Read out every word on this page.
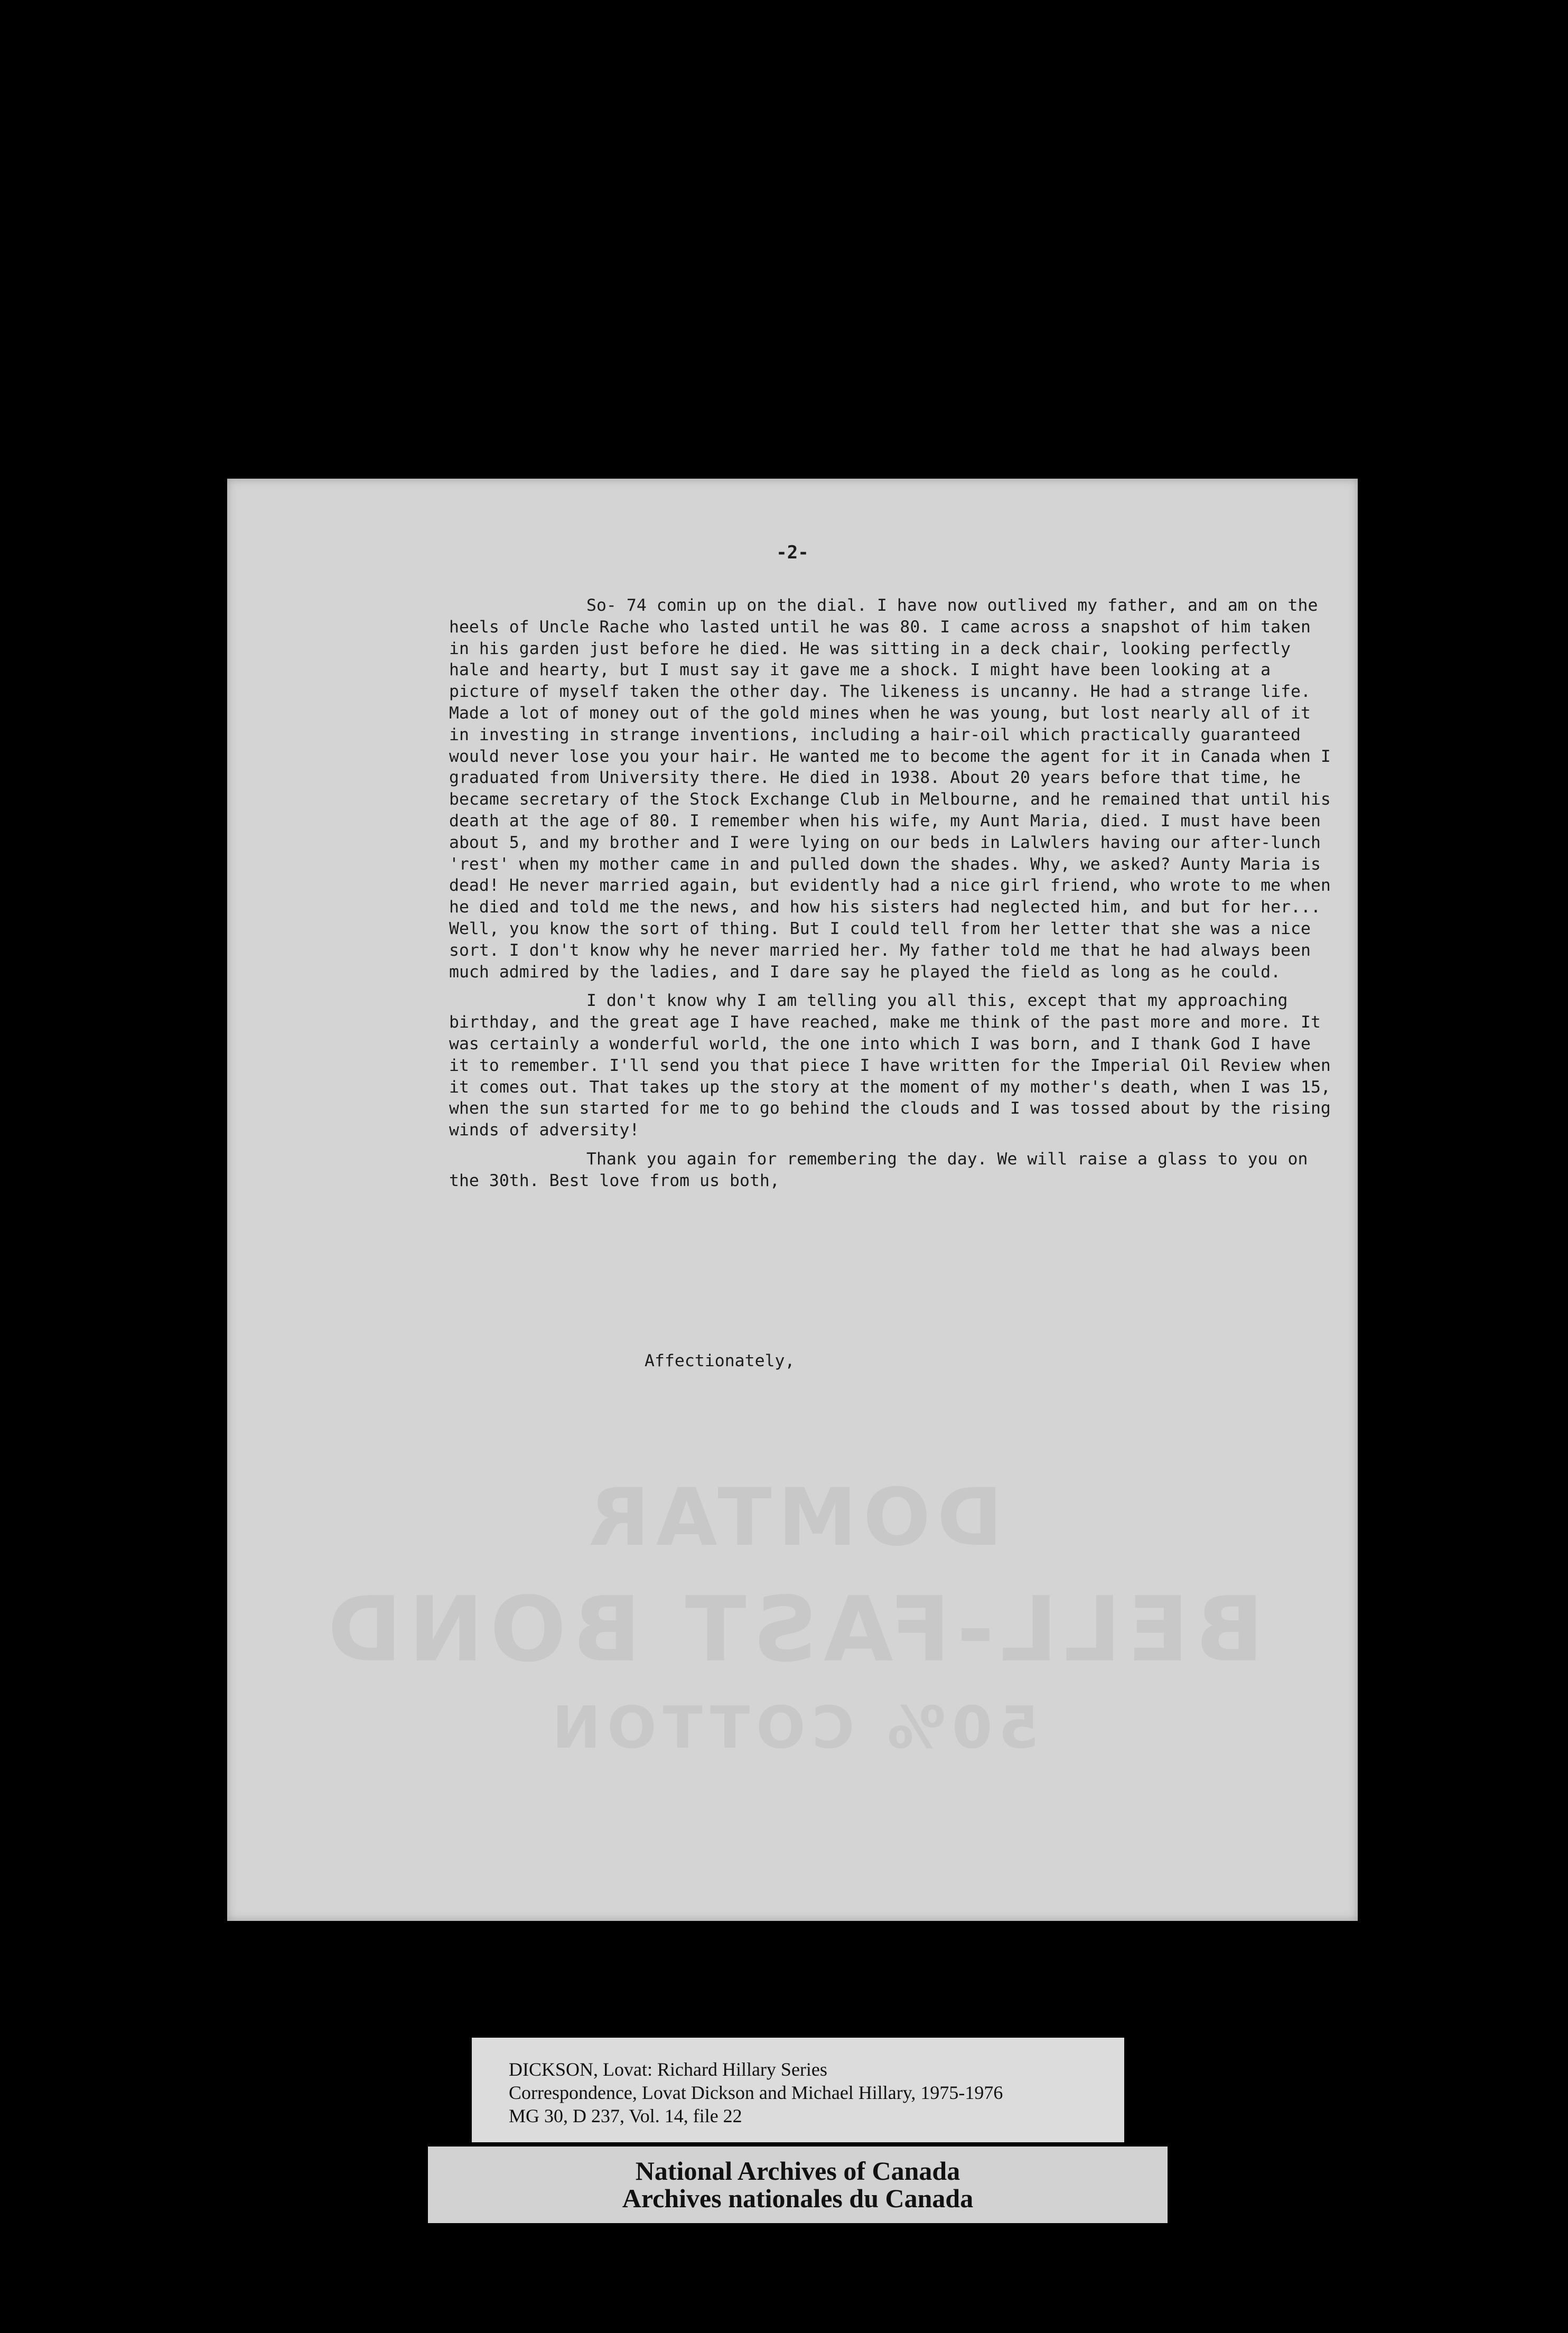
DOMTAR
BELL-FAST BOND
50% COTTON
-2-

So- 74 comin up on the dial. I have now outlived my father, and am on the heels of Uncle Rache who lasted until he was 80. I came across a snapshot of him taken in his garden just before he died. He was sitting in a deck chair, looking perfectly hale and hearty, but I must say it gave me a shock. I might have been looking at a picture of myself taken the other day. The likeness is uncanny. He had a strange life. Made a lot of money out of the gold mines when he was young, but lost nearly all of it in investing in strange inventions, including a hair-oil which practically guaranteed would never lose you your hair. He wanted me to become the agent for it in Canada when I graduated from University there. He died in 1938. About 20 years before that time, he became secretary of the Stock Exchange Club in Melbourne, and he remained that until his death at the age of 80. I remember when his wife, my Aunt Maria, died. I must have been about 5, and my brother and I were lying on our beds in Lalwlers having our after-lunch 'rest' when my mother came in and pulled down the shades. Why, we asked? Aunty Maria is dead! He never married again, but evidently had a nice girl friend, who wrote to me when he died and told me the news, and how his sisters had neglected him, and but for her... Well, you know the sort of thing. But I could tell from her letter that she was a nice sort. I don't know why he never married her. My father told me that he had always been much admired by the ladies, and I dare say he played the field as long as he could.

I don't know why I am telling you all this, except that my approaching birthday, and the great age I have reached, make me think of the past more and more. It was certainly a wonderful world, the one into which I was born, and I thank God I have it to remember. I'll send you that piece I have written for the Imperial Oil Review when it comes out. That takes up the story at the moment of my mother's death, when I was 15, when the sun started for me to go behind the clouds and I was tossed about by the rising winds of adversity!

Thank you again for remembering the day. We will raise a glass to you on the 30th. Best love from us both,

Affectionately,
DICKSON, Lovat: Richard Hillary Series
Correspondence, Lovat Dickson and Michael Hillary, 1975-1976
MG 30, D 237, Vol. 14, file 22
National Archives of Canada
Archives nationales du Canada
